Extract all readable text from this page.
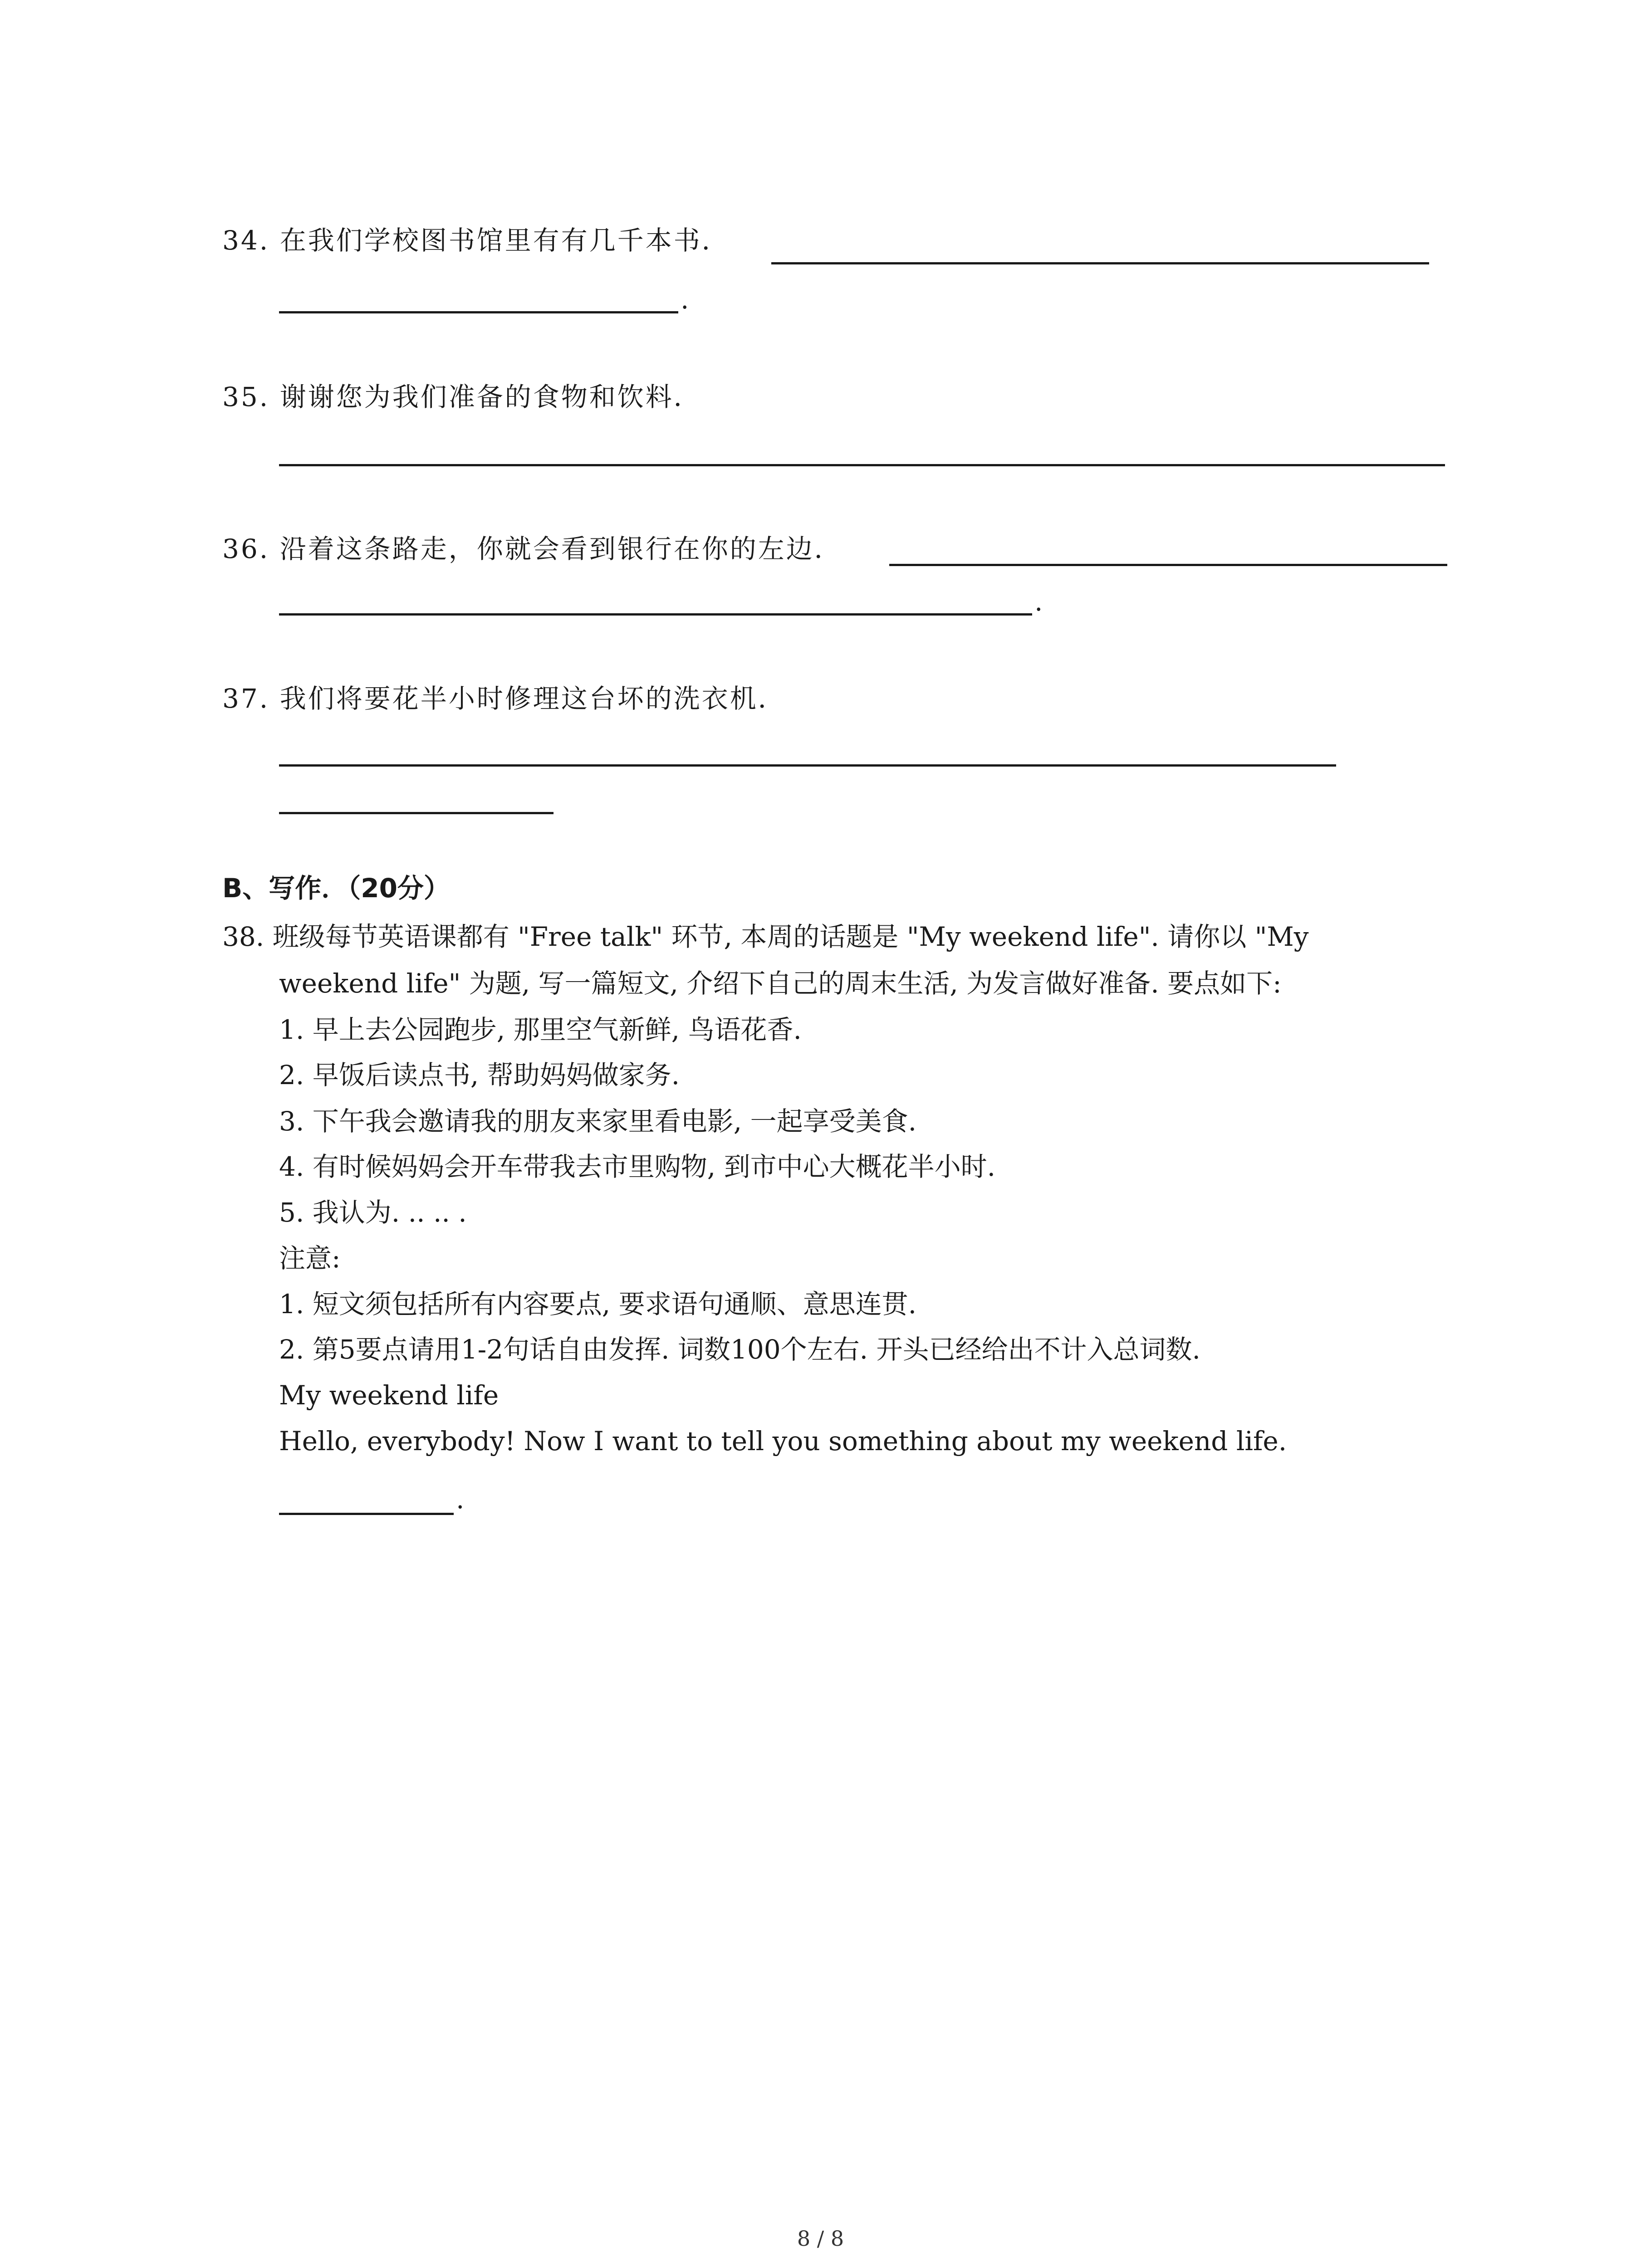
34. 在我们学校图书馆里有有几千本书．
.
35. 谢谢您为我们准备的食物和饮料．
36. 沿着这条路走，你就会看到银行在你的左边．
.
37. 我们将要花半小时修理这台坏的洗衣机．
B、写作．（20分）
38. 班级每节英语课都有 "Free talk" 环节, 本周的话题是 "My weekend life". 请你以 "My
weekend life" 为题, 写一篇短文, 介绍下自己的周末生活, 为发言做好准备. 要点如下:
1. 早上去公园跑步, 那里空气新鲜, 鸟语花香.
2. 早饭后读点书, 帮助妈妈做家务.
3. 下午我会邀请我的朋友来家里看电影, 一起享受美食.
4. 有时候妈妈会开车带我去市里购物, 到市中心大概花半小时.
5. 我认为. .. .. .
注意:
1. 短文须包括所有内容要点, 要求语句通顺、意思连贯.
2. 第5要点请用1-2句话自由发挥. 词数100个左右. 开头已经给出不计入总词数.
My weekend life
Hello, everybody! Now I want to tell you something about my weekend life.
.
8 / 8
